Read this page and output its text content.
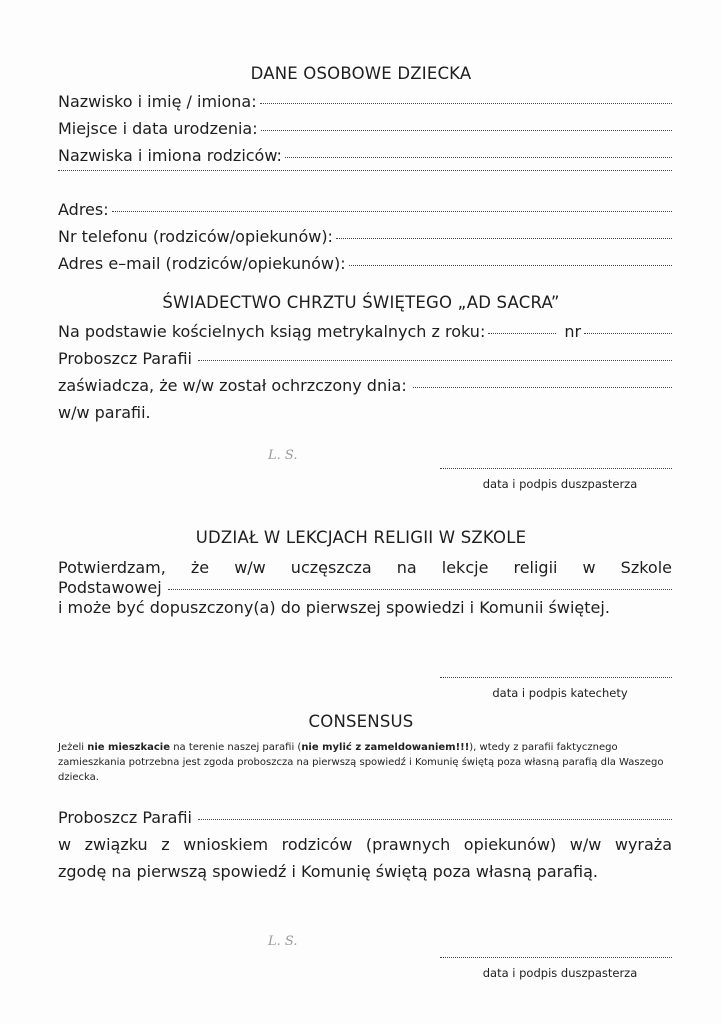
DANE OSOBOWE DZIECKA
Nazwisko i imię / imiona:
Miejsce i data urodzenia:
Nazwiska i imiona rodziców:
Adres:
Nr telefonu (rodziców/opiekunów):
Adres e–mail (rodziców/opiekunów):
ŚWIADECTWO CHRZTU ŚWIĘTEGO „AD SACRA”
Na podstawie kościelnych ksiąg metrykalnych z roku:	nr
Proboszcz Parafii
zaświadcza, że w/w został ochrzczony dnia:
w/w parafii.
L. S.
data i podpis duszpasterza
UDZIAŁ W LEKCJACH RELIGII W SZKOLE
Potwierdzam, że w/w uczęszcza na lekcje religii w Szkole
Podstawowej
i może być dopuszczony(a) do pierwszej spowiedzi i Komunii świętej.
data i podpis katechety
CONSENSUS
Jeżeli nie mieszkacie na terenie naszej parafii (nie mylić z zameldowaniem!!!), wtedy z parafii faktycznego zamieszkania potrzebna jest zgoda proboszcza na pierwszą spowiedź i Komunię świętą poza własną parafią dla Waszego dziecka.
Proboszcz Parafii
w związku z wnioskiem rodziców (prawnych opiekunów) w/w wyraża
zgodę na pierwszą spowiedź i Komunię świętą poza własną parafią.
L. S.
data i podpis duszpasterza
